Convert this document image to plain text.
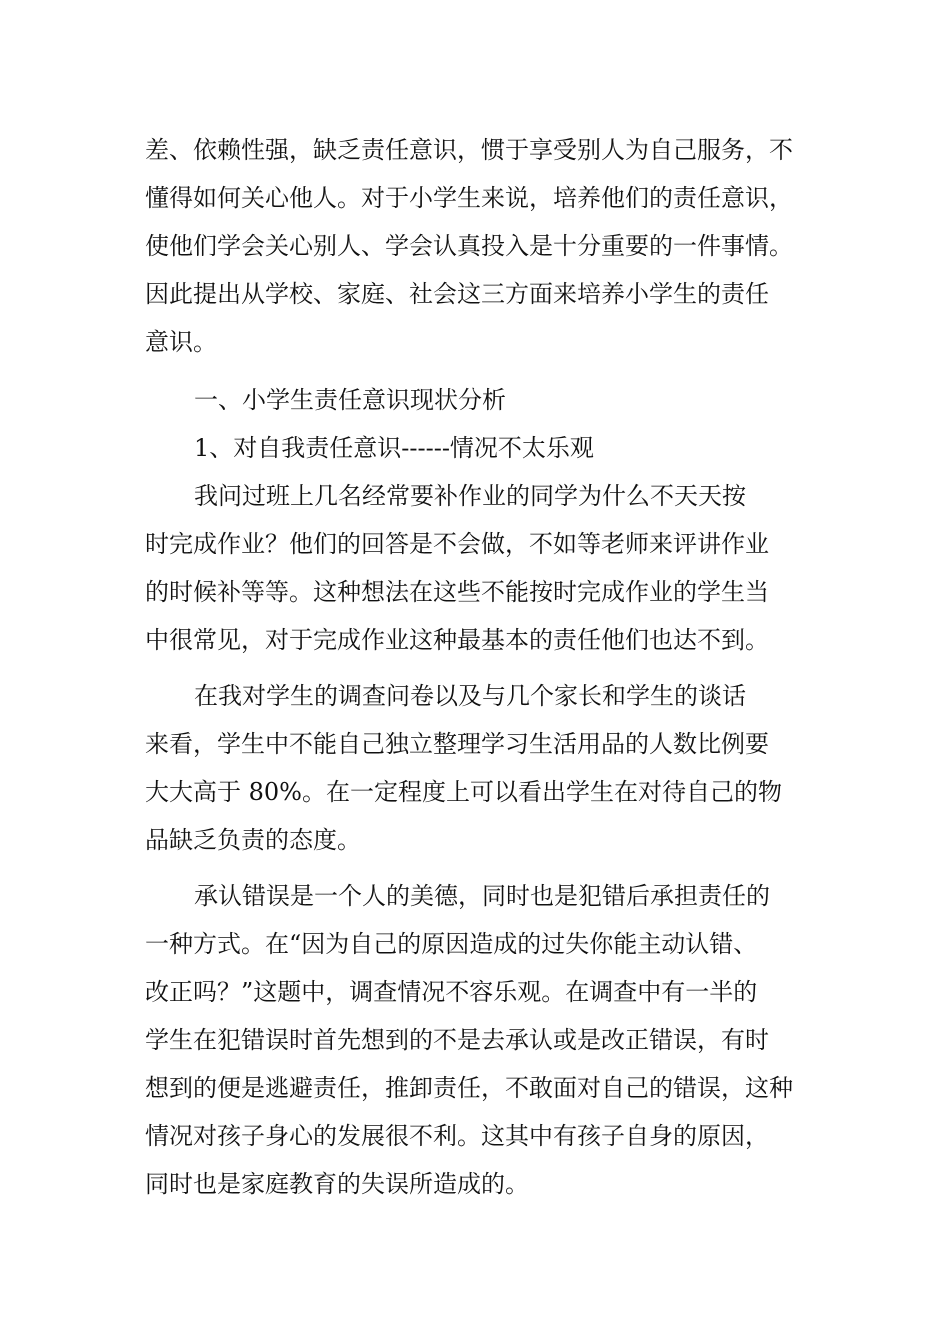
差、依赖性强，缺乏责任意识，惯于享受别人为自己服务，不
懂得如何关心他人。对于小学生来说，培养他们的责任意识，
使他们学会关心别人、学会认真投入是十分重要的一件事情。
因此提出从学校、家庭、社会这三方面来培养小学生的责任
意识。
一、小学生责任意识现状分析
1、对自我责任意识------情况不太乐观
我问过班上几名经常要补作业的同学为什么不天天按
时完成作业？他们的回答是不会做，不如等老师来评讲作业
的时候补等等。这种想法在这些不能按时完成作业的学生当
中很常见，对于完成作业这种最基本的责任他们也达不到。
在我对学生的调查问卷以及与几个家长和学生的谈话
来看，学生中不能自己独立整理学习生活用品的人数比例要
大大高于 80%。在一定程度上可以看出学生在对待自己的物
品缺乏负责的态度。
承认错误是一个人的美德，同时也是犯错后承担责任的
一种方式。在“因为自己的原因造成的过失你能主动认错、
改正吗？”这题中，调查情况不容乐观。在调查中有一半的
学生在犯错误时首先想到的不是去承认或是改正错误，有时
想到的便是逃避责任，推卸责任，不敢面对自己的错误，这种
情况对孩子身心的发展很不利。这其中有孩子自身的原因，
同时也是家庭教育的失误所造成的。
